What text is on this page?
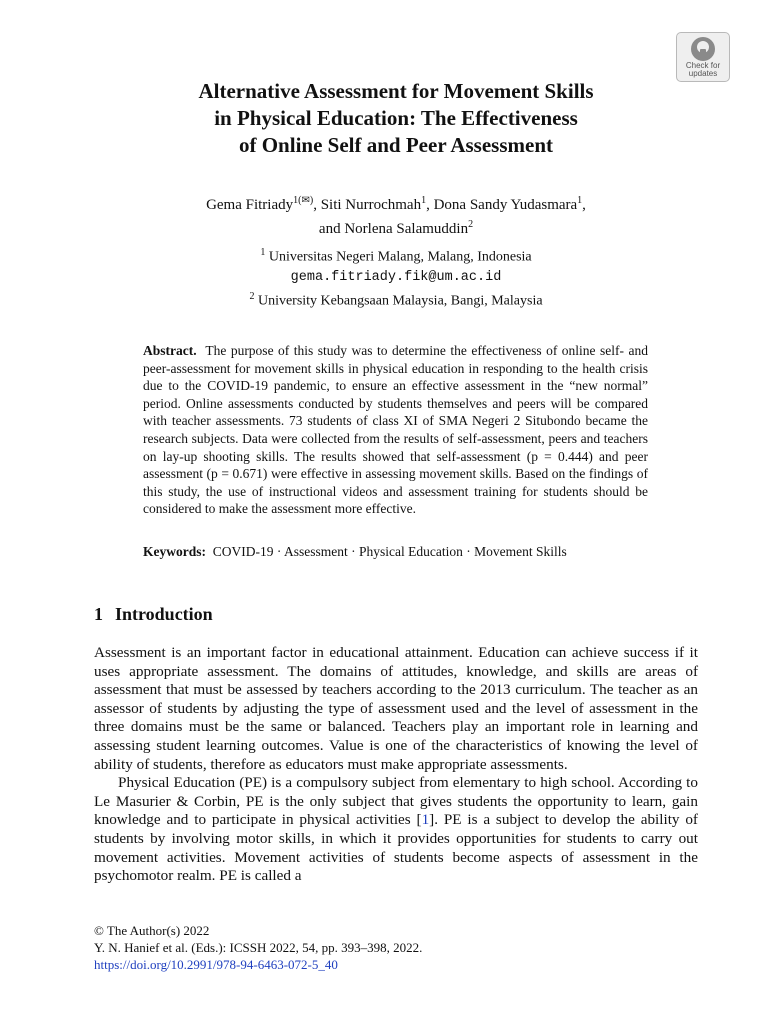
Check for
updates
Alternative Assessment for Movement Skills
in Physical Education: The Effectiveness
of Online Self and Peer Assessment
Gema Fitriady$^{1(✉)}$, Siti Nurrochmah$^1$, Dona Sandy Yudasmara$^1$,
and Norlena Salamuddin$^2$
$^1$ Universitas Negeri Malang, Malang, Indonesia
gema.fitriady.fik@um.ac.id
$^2$ University Kebangsaan Malaysia, Bangi, Malaysia
Abstract. The purpose of this study was to determine the effectiveness of online self- and peer-assessment for movement skills in physical education in responding to the health crisis due to the COVID-19 pandemic, to ensure an effective assessment in the “new normal” period. Online assessments conducted by students themselves and peers will be compared with teacher assessments. 73 students of class XI of SMA Negeri 2 Situbondo became the research subjects. Data were collected from the results of self-assessment, peers and teachers on lay-up shooting skills. The results showed that self-assessment (p = 0.444) and peer assessment (p = 0.671) were effective in assessing movement skills. Based on the findings of this study, the use of instructional videos and assessment training for students should be considered to make the assessment more effective.
Keywords: COVID-19 · Assessment · Physical Education · Movement Skills
1 Introduction

Assessment is an important factor in educational attainment. Education can achieve success if it uses appropriate assessment. The domains of attitudes, knowledge, and skills are areas of assessment that must be assessed by teachers according to the 2013 curriculum. The teacher as an assessor of students by adjusting the type of assessment used and the level of assessment in the three domains must be the same or balanced. Teachers play an important role in learning and assessing student learning outcomes. Value is one of the characteristics of knowing the level of ability of students, therefore as educators must make appropriate assessments.

Physical Education (PE) is a compulsory subject from elementary to high school. According to Le Masurier & Corbin, PE is the only subject that gives students the opportunity to learn, gain knowledge and to participate in physical activities [1]. PE is a subject to develop the ability of students by involving motor skills, in which it provides opportunities for students to carry out movement activities. Movement activities of students become aspects of assessment in the psychomotor realm. PE is called a

© The Author(s) 2022
Y. N. Hanief et al. (Eds.): ICSSH 2022, 54, pp. 393–398, 2022.
https://doi.org/10.2991/978-94-6463-072-5_40
